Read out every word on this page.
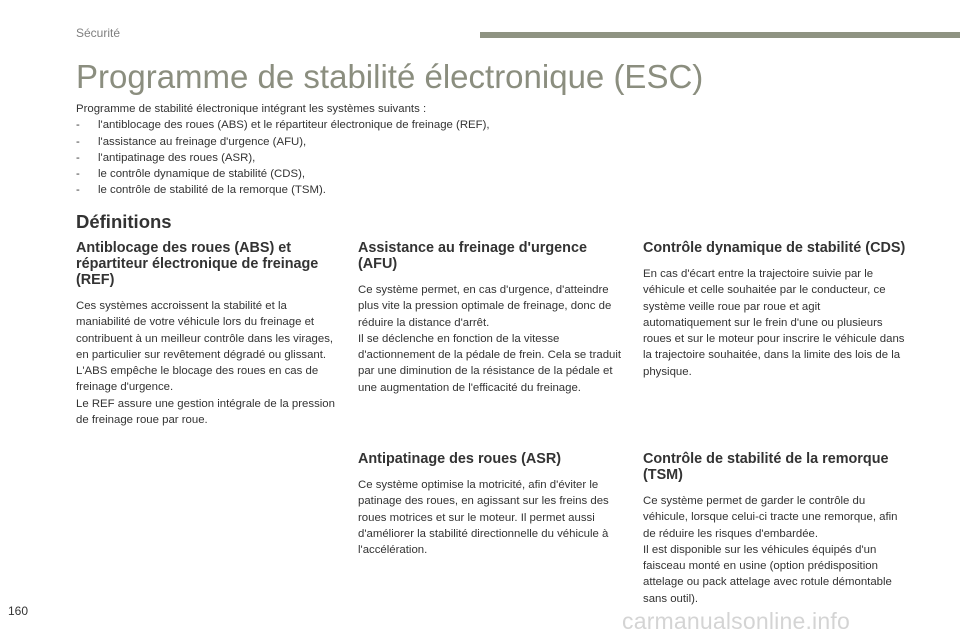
Sécurité
Programme de stabilité électronique (ESC)
Programme de stabilité électronique intégrant les systèmes suivants :
- l'antiblocage des roues (ABS) et le répartiteur électronique de freinage (REF),
- l'assistance au freinage d'urgence (AFU),
- l'antipatinage des roues (ASR),
- le contrôle dynamique de stabilité (CDS),
- le contrôle de stabilité de la remorque (TSM).
Définitions
Antiblocage des roues (ABS) et répartiteur électronique de freinage (REF)

Ces systèmes accroissent la stabilité et la maniabilité de votre véhicule lors du freinage et contribuent à un meilleur contrôle dans les virages, en particulier sur revêtement dégradé ou glissant.
L'ABS empêche le blocage des roues en cas de freinage d'urgence.
Le REF assure une gestion intégrale de la pression de freinage roue par roue.

Assistance au freinage d'urgence (AFU)

Ce système permet, en cas d'urgence, d'atteindre plus vite la pression optimale de freinage, donc de réduire la distance d'arrêt.
Il se déclenche en fonction de la vitesse d'actionnement de la pédale de frein. Cela se traduit par une diminution de la résistance de la pédale et une augmentation de l'efficacité du freinage.

Contrôle dynamique de stabilité (CDS)

En cas d'écart entre la trajectoire suivie par le véhicule et celle souhaitée par le conducteur, ce système veille roue par roue et agit automatiquement sur le frein d'une ou plusieurs roues et sur le moteur pour inscrire le véhicule dans la trajectoire souhaitée, dans la limite des lois de la physique.

Antipatinage des roues (ASR)

Ce système optimise la motricité, afin d'éviter le patinage des roues, en agissant sur les freins des roues motrices et sur le moteur. Il permet aussi d'améliorer la stabilité directionnelle du véhicule à l'accélération.

Contrôle de stabilité de la remorque (TSM)

Ce système permet de garder le contrôle du véhicule, lorsque celui-ci tracte une remorque, afin de réduire les risques d'embardée.
Il est disponible sur les véhicules équipés d'un faisceau monté en usine (option prédisposition attelage ou pack attelage avec rotule démontable sans outil).

160	carmanualsonline.info
